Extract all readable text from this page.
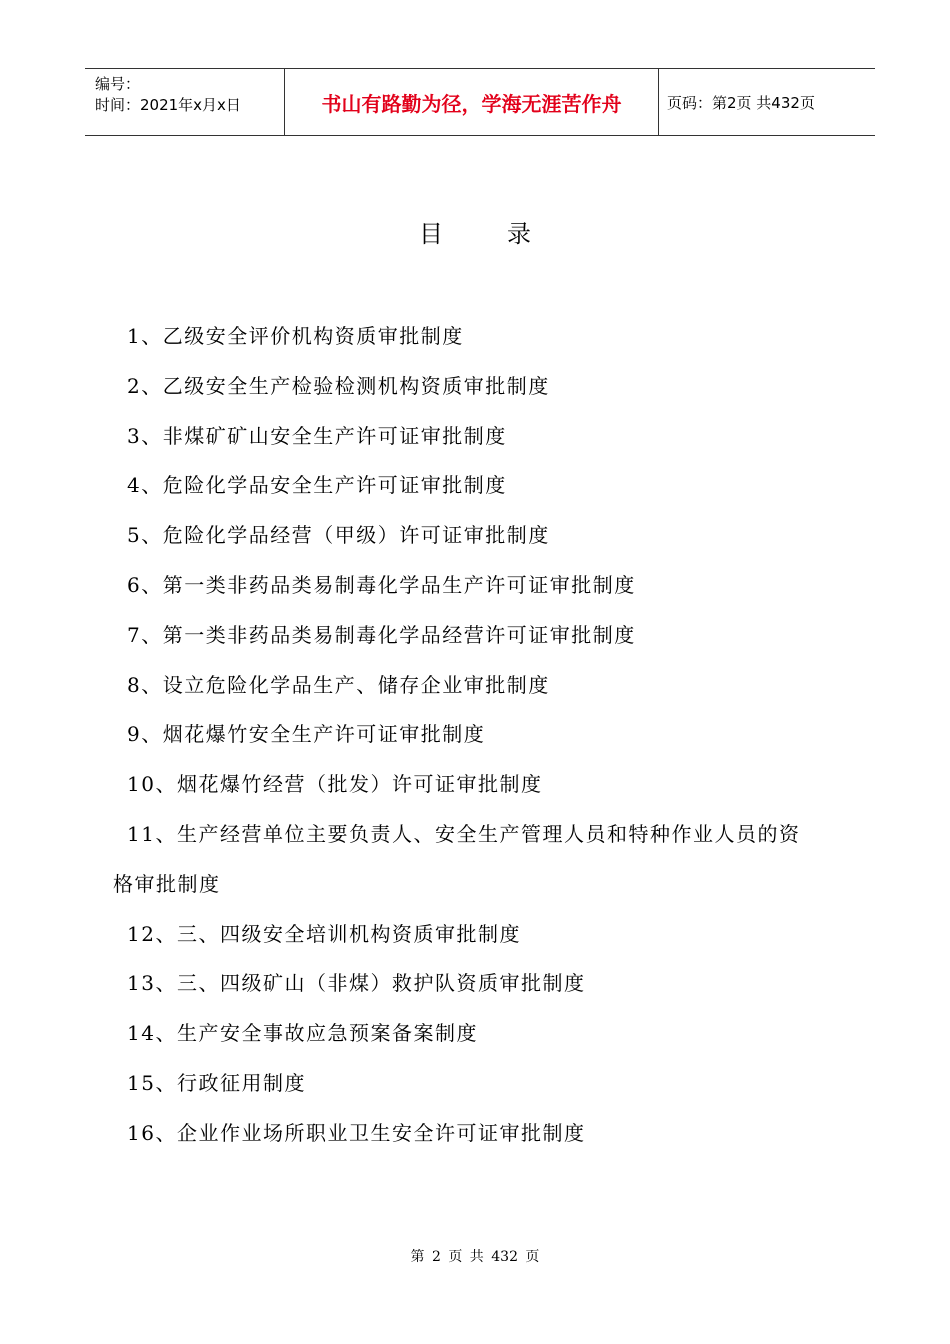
编号：
时间：2021年x月x日	书山有路勤为径，学海无涯苦作舟	页码：第2页 共432页
目录
1、乙级安全评价机构资质审批制度
2、乙级安全生产检验检测机构资质审批制度
3、非煤矿矿山安全生产许可证审批制度
4、危险化学品安全生产许可证审批制度
5、危险化学品经营（甲级）许可证审批制度
6、第一类非药品类易制毒化学品生产许可证审批制度
7、第一类非药品类易制毒化学品经营许可证审批制度
8、设立危险化学品生产、储存企业审批制度
9、烟花爆竹安全生产许可证审批制度
10、烟花爆竹经营（批发）许可证审批制度
11、生产经营单位主要负责人、安全生产管理人员和特种作业人员的资
格审批制度
12、三、四级安全培训机构资质审批制度
13、三、四级矿山（非煤）救护队资质审批制度
14、生产安全事故应急预案备案制度
15、行政征用制度
16、企业作业场所职业卫生安全许可证审批制度
第 2 页 共 432 页
